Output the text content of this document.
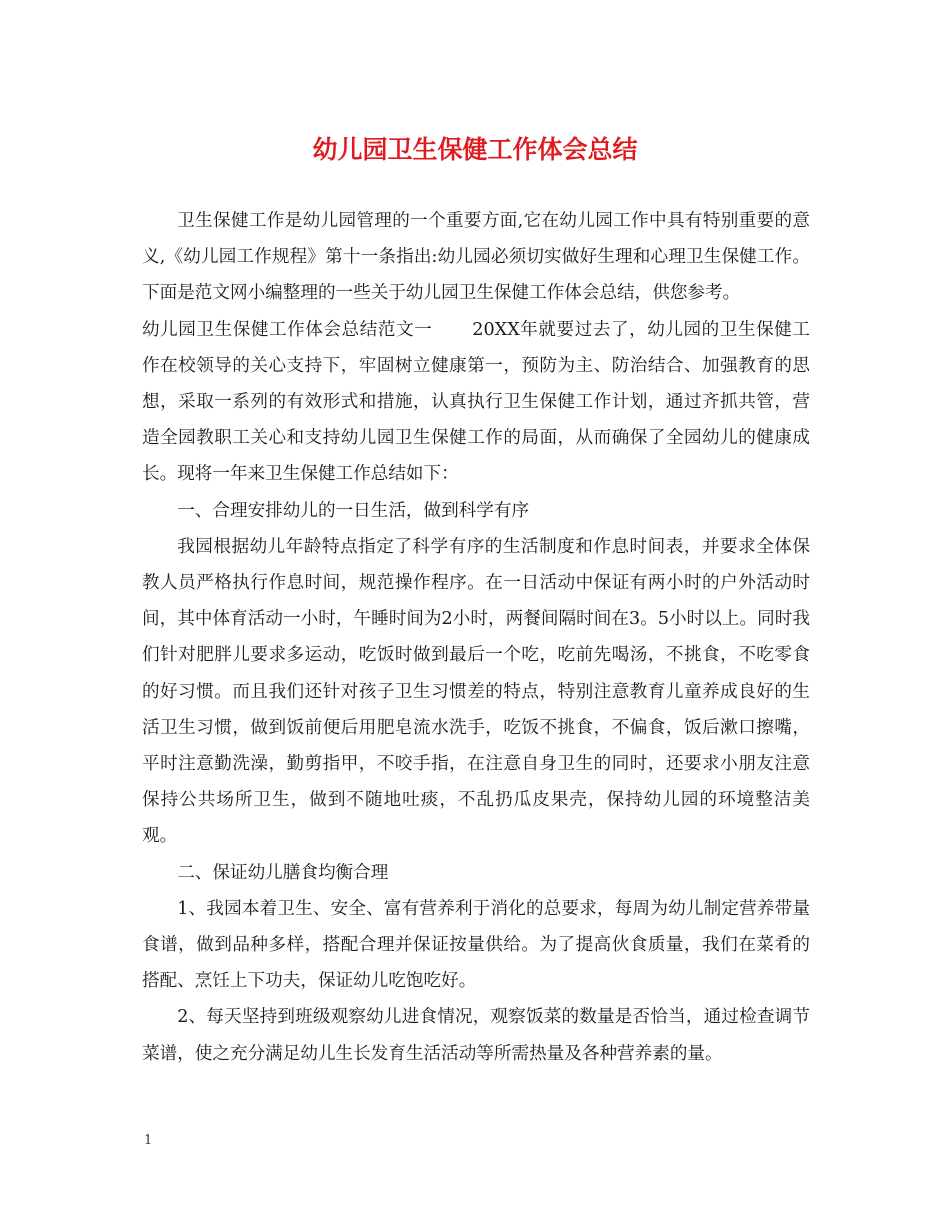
幼儿园卫生保健工作体会总结

卫生保健工作是幼儿园管理的一个重要方面,它在幼儿园工作中具有特别重要的意义,《幼儿园工作规程》第十一条指出:幼儿园必须切实做好生理和心理卫生保健工作。下面是范文网小编整理的一些关于幼儿园卫生保健工作体会总结，供您参考。

幼儿园卫生保健工作体会总结范文一 20XX年就要过去了，幼儿园的卫生保健工作在校领导的关心支持下，牢固树立健康第一，预防为主、防治结合、加强教育的思想，采取一系列的有效形式和措施，认真执行卫生保健工作计划，通过齐抓共管，营造全园教职工关心和支持幼儿园卫生保健工作的局面，从而确保了全园幼儿的健康成长。现将一年来卫生保健工作总结如下：

一、合理安排幼儿的一日生活，做到科学有序

我园根据幼儿年龄特点指定了科学有序的生活制度和作息时间表，并要求全体保教人员严格执行作息时间，规范操作程序。在一日活动中保证有两小时的户外活动时间，其中体育活动一小时，午睡时间为2小时，两餐间隔时间在3。5小时以上。同时我们针对肥胖儿要求多运动，吃饭时做到最后一个吃，吃前先喝汤，不挑食，不吃零食的好习惯。而且我们还针对孩子卫生习惯差的特点，特别注意教育儿童养成良好的生活卫生习惯，做到饭前便后用肥皂流水洗手，吃饭不挑食，不偏食，饭后漱口擦嘴，平时注意勤洗澡，勤剪指甲，不咬手指，在注意自身卫生的同时，还要求小朋友注意保持公共场所卫生，做到不随地吐痰，不乱扔瓜皮果壳，保持幼儿园的环境整洁美观。

二、保证幼儿膳食均衡合理

1、我园本着卫生、安全、富有营养利于消化的总要求，每周为幼儿制定营养带量食谱，做到品种多样，搭配合理并保证按量供给。为了提高伙食质量，我们在菜肴的搭配、烹饪上下功夫，保证幼儿吃饱吃好。

2、每天坚持到班级观察幼儿进食情况，观察饭菜的数量是否恰当，通过检查调节菜谱，使之充分满足幼儿生长发育生活活动等所需热量及各种营养素的量。

1
